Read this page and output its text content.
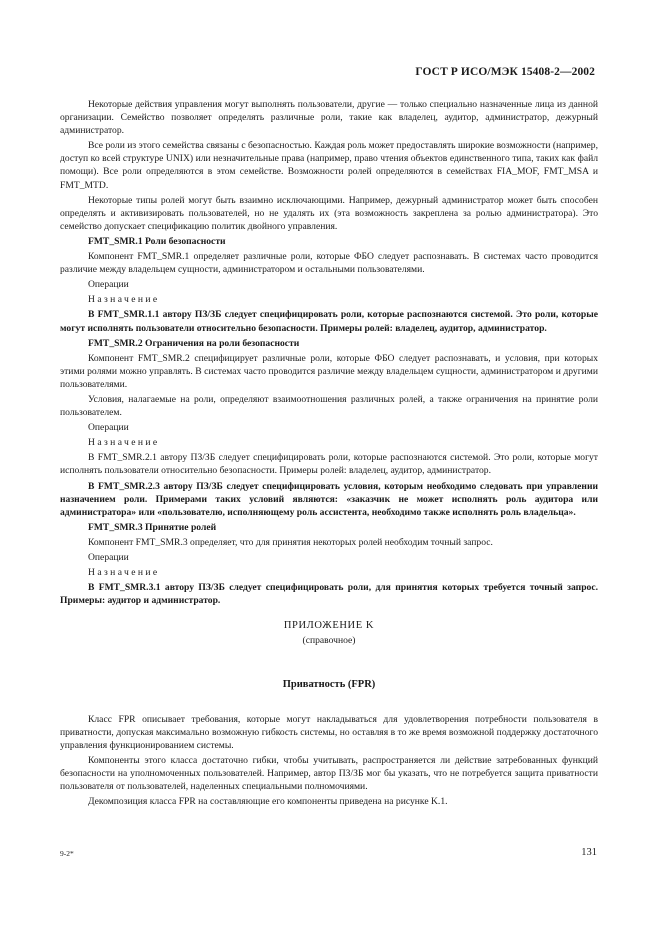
ГОСТ Р ИСО/МЭК 15408-2—2002

Некоторые действия управления могут выполнять пользователи, другие — только специально назначенные лица из данной организации. Семейство позволяет определять различные роли, такие как владелец, аудитор, администратор, дежурный администратор.

Все роли из этого семейства связаны с безопасностью. Каждая роль может предоставлять широкие возможности (например, доступ ко всей структуре UNIX) или незначительные права (например, право чтения объектов единственного типа, таких как файл помощи). Все роли определяются в этом семействе. Возможности ролей определяются в семействах FIA_MOF, FMT_MSA и FMT_MTD.

Некоторые типы ролей могут быть взаимно исключающими. Например, дежурный администратор может быть способен определять и активизировать пользователей, но не удалять их (эта возможность закреплена за ролью администратора). Это семейство допускает спецификацию политик двойного управления.

FMT_SMR.1 Роли безопасности

Компонент FMT_SMR.1 определяет различные роли, которые ФБО следует распознавать. В системах часто проводится различие между владельцем сущности, администратором и остальными пользователями.

Операции

Назначение

В FMT_SMR.1.1 автору ПЗ/ЗБ следует специфицировать роли, которые распознаются системой. Это роли, которые могут исполнять пользователи относительно безопасности. Примеры ролей: владелец, аудитор, администратор.

FMT_SMR.2 Ограничения на роли безопасности

Компонент FMT_SMR.2 специфицирует различные роли, которые ФБО следует распознавать, и условия, при которых этими ролями можно управлять. В системах часто проводится различие между владельцем сущности, администратором и другими пользователями.

Условия, налагаемые на роли, определяют взаимоотношения различных ролей, а также ограничения на принятие роли пользователем.

Операции

Назначение

В FMT_SMR.2.1 автору ПЗ/ЗБ следует специфицировать роли, которые распознаются системой. Это роли, которые могут исполнять пользователи относительно безопасности. Примеры ролей: владелец, аудитор, администратор.

В FMT_SMR.2.3 автору ПЗ/ЗБ следует специфицировать условия, которым необходимо следовать при управлении назначением роли. Примерами таких условий являются: «заказчик не может исполнять роль аудитора или администратора» или «пользователю, исполняющему роль ассистента, необходимо также исполнять роль владельца».

FMT_SMR.3 Принятие ролей

Компонент FMT_SMR.3 определяет, что для принятия некоторых ролей необходим точный запрос.

Операции

Назначение

В FMT_SMR.3.1 автору ПЗ/ЗБ следует специфицировать роли, для принятия которых требуется точный запрос. Примеры: аудитор и администратор.

ПРИЛОЖЕНИЕ K

(справочное)

Приватность (FPR)

Класс FPR описывает требования, которые могут накладываться для удовлетворения потребности пользователя в приватности, допуская максимально возможную гибкость системы, но оставляя в то же время возможной поддержку достаточного управления функционированием системы.

Компоненты этого класса достаточно гибки, чтобы учитывать, распространяется ли действие затребованных функций безопасности на уполномоченных пользователей. Например, автор ПЗ/ЗБ мог бы указать, что не потребуется защита приватности пользователя от пользователей, наделенных специальными полномочиями.

Декомпозиция класса FPR на составляющие его компоненты приведена на рисунке K.1.

9-2*	131
